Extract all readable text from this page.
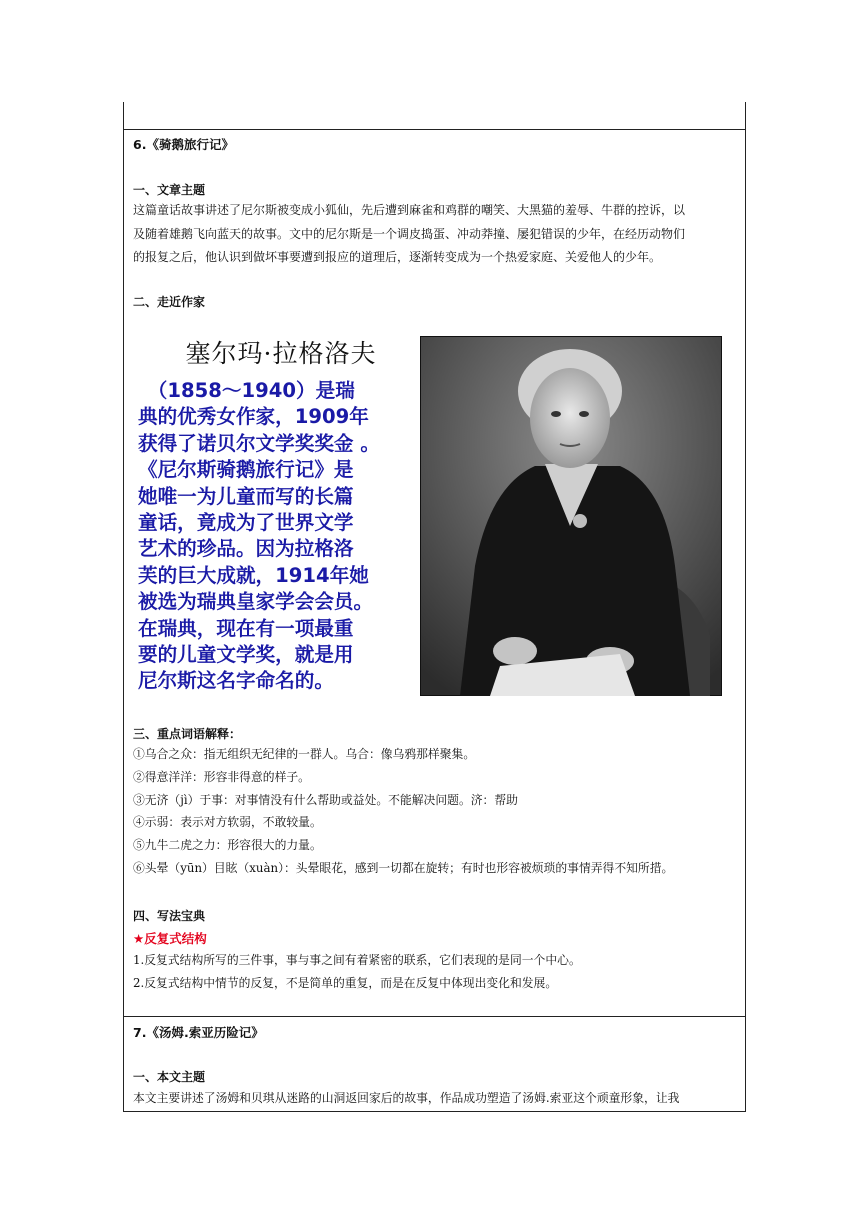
6.《骑鹅旅行记》
一、文章主题
这篇童话故事讲述了尼尔斯被变成小狐仙，先后遭到麻雀和鸡群的嘲笑、大黑猫的羞辱、牛群的控诉，以
及随着雄鹅飞向蓝天的故事。文中的尼尔斯是一个调皮捣蛋、冲动莽撞、屡犯错误的少年，在经历动物们
的报复之后，他认识到做坏事要遭到报应的道理后，逐渐转变成为一个热爱家庭、关爱他人的少年。
二、走近作家
塞尔玛·拉格洛夫
　（1858～1940）是瑞
典的优秀女作家，1909年
获得了诺贝尔文学奖奖金 。
《尼尔斯骑鹅旅行记》是
她唯一为儿童而写的长篇
童话，竟成为了世界文学
艺术的珍品。因为拉格洛
芙的巨大成就，1914年她
被选为瑞典皇家学会会员。
在瑞典，现在有一项最重
要的儿童文学奖，就是用
尼尔斯这名字命名的。
三、重点词语解释：
①乌合之众：指无组织无纪律的一群人。乌合：像乌鸦那样聚集。
②得意洋洋：形容非得意的样子。
③无济（jì）于事：对事情没有什么帮助或益处。不能解决问题。济：帮助
④示弱：表示对方软弱，不敢较量。
⑤九牛二虎之力：形容很大的力量。
⑥头晕（yūn）目眩（xuàn）：头晕眼花，感到一切都在旋转；有时也形容被烦琐的事情弄得不知所措。
四、写法宝典
★反复式结构
1.反复式结构所写的三件事，事与事之间有着紧密的联系，它们表现的是同一个中心。
2.反复式结构中情节的反复，不是简单的重复，而是在反复中体现出变化和发展。
7.《汤姆.索亚历险记》
一、本文主题
本文主要讲述了汤姆和贝琪从迷路的山洞返回家后的故事，作品成功塑造了汤姆.索亚这个顽童形象，让我
